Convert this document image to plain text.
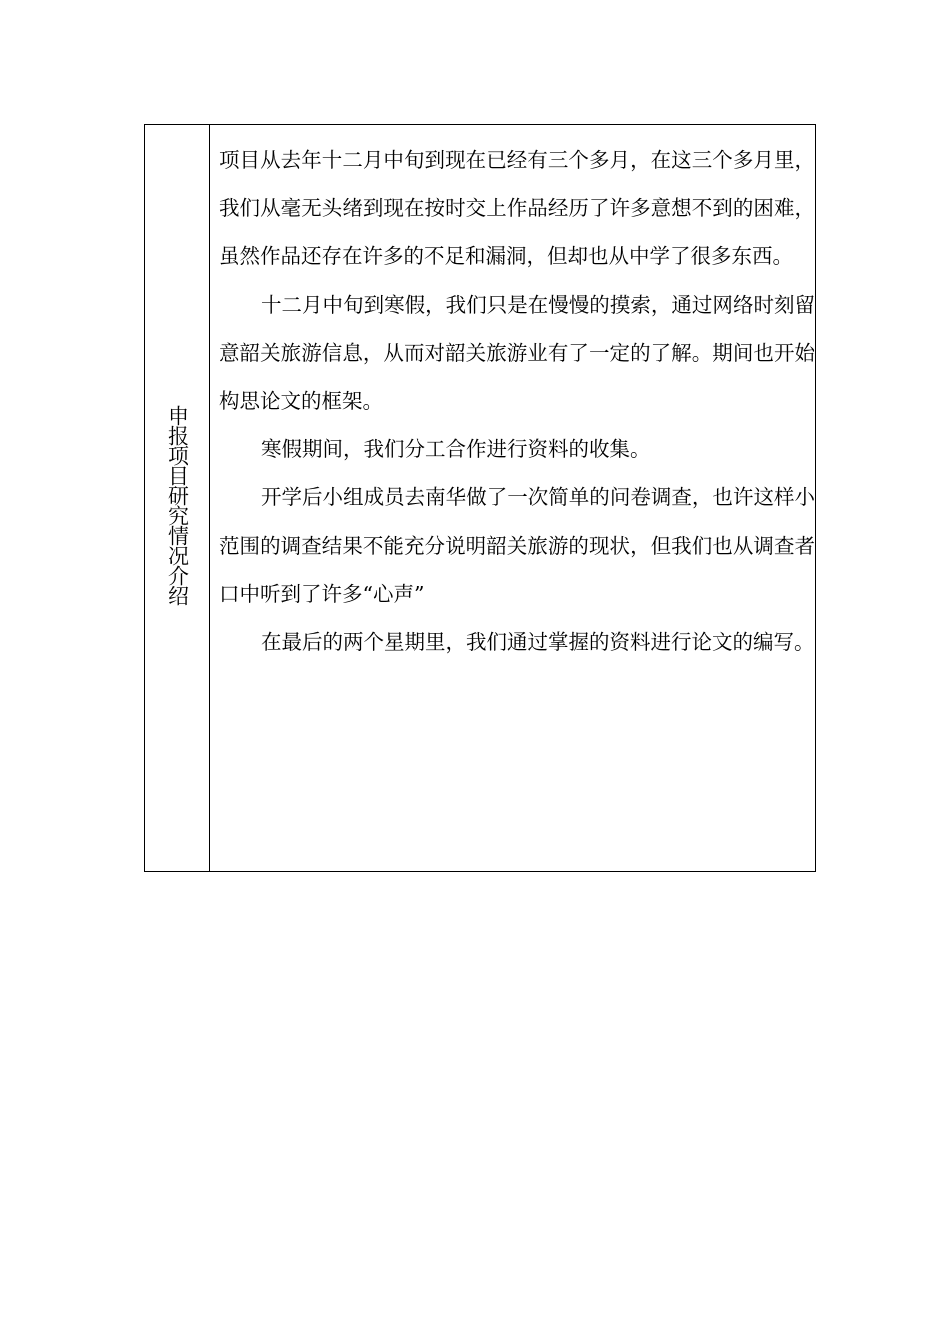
申报项目研究情况介绍

项目从去年十二月中旬到现在已经有三个多月，在这三个多月里，我们从毫无头绪到现在按时交上作品经历了许多意想不到的困难，虽然作品还存在许多的不足和漏洞，但却也从中学了很多东西。

十二月中旬到寒假，我们只是在慢慢的摸索，通过网络时刻留意韶关旅游信息，从而对韶关旅游业有了一定的了解。期间也开始构思论文的框架。

寒假期间，我们分工合作进行资料的收集。

开学后小组成员去南华做了一次简单的问卷调查，也许这样小范围的调查结果不能充分说明韶关旅游的现状，但我们也从调查者口中听到了许多“心声”

在最后的两个星期里，我们通过掌握的资料进行论文的编写。
